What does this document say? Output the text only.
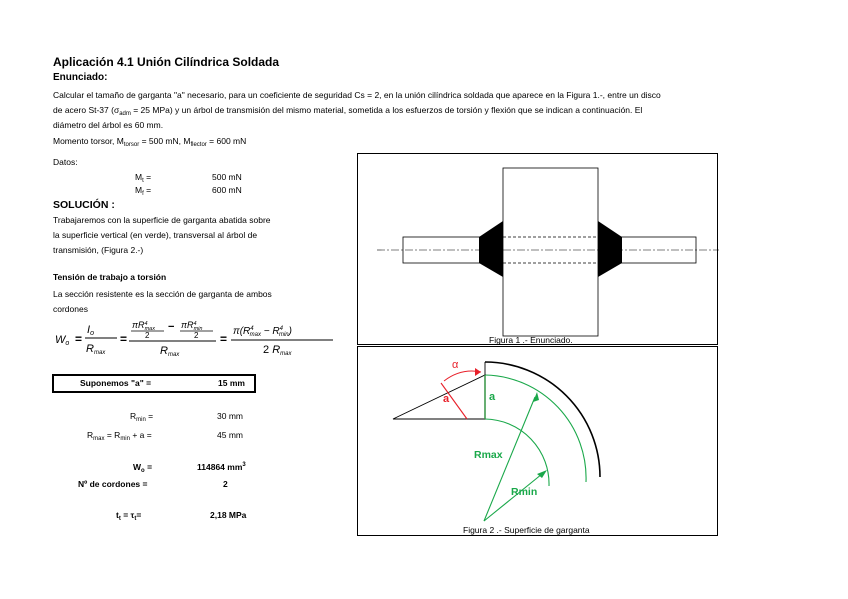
Aplicación 4.1 Unión Cilíndrica Soldada
Enunciado:
Calcular el tamaño de garganta "a" necesario, para un coeficiente de seguridad Cs = 2, en la unión cilíndrica soldada que aparece en la Figura 1.-, entre un disco
de acero St-37 ($\sigma_{adm} = 25$ MPa) y un árbol de transmisión del mismo material, sometida a los esfuerzos de torsión y flexión que se indican a continuación. El
diámetro del árbol es 60 mm.
Momento torsor, $M_{torsor} = 500$ mN, $M_{flector} = 600$ mN
Datos:
$M_t$ =	500 mN
$M_f$ =	600 mN
SOLUCIÓN :
Trabajaremos con la superficie de garganta abatida sobre
la superficie vertical (en verde), transversal al árbol de
transmisión, (Figura 2.-)
Tensión de trabajo a torsión
La sección resistente es la sección de garganta de ambos
cordones
Wo =
Io
Rmax
=
$\pi R^4$ max
2
− $\pi R^4$ min
2
Rmax
=
$\pi(R^4$ $\max - R^4$ min)
2 Rmax
Suponemos "a" =	15 mm
$R_{min}$ =	30 mm
$R_{max} = R_{min} + a$ =	45 mm
$W_o$ =	114864 $mm^3$
Nº de cordones =	2
$t_t = \tau_t=$	2,18 MPa
Figura 1 .- Enunciado.
α
a	a
Rmax
Rmin
Figura 2 .- Superficie de garganta
